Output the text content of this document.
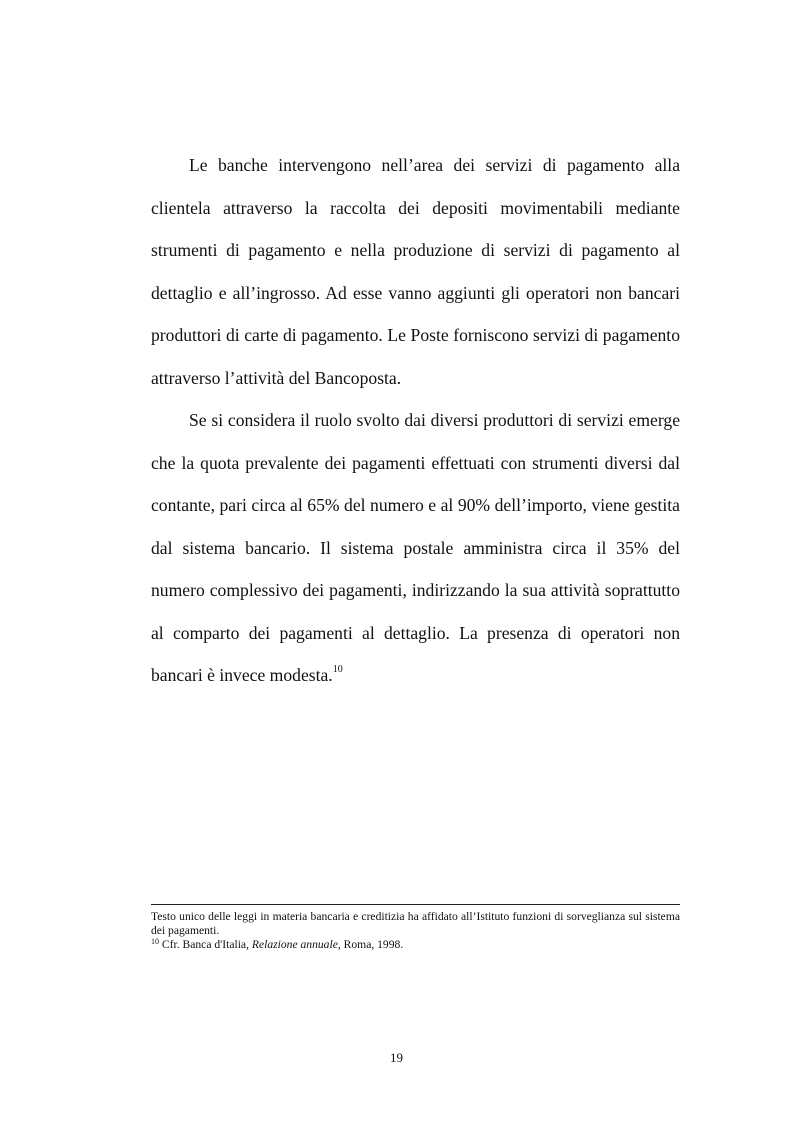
Le banche intervengono nell’area dei servizi di pagamento alla clientela attraverso la raccolta dei depositi movimentabili mediante strumenti di pagamento e nella produzione di servizi di pagamento al dettaglio e all’ingrosso. Ad esse vanno aggiunti gli operatori non bancari produttori di carte di pagamento. Le Poste forniscono servizi di pagamento attraverso l’attività del Bancoposta.

Se si considera il ruolo svolto dai diversi produttori di servizi emerge che la quota prevalente dei pagamenti effettuati con strumenti diversi dal contante, pari circa al 65% del numero e al 90% dell’importo, viene gestita dal sistema bancario. Il sistema postale amministra circa il 35% del numero complessivo dei pagamenti, indirizzando la sua attività soprattutto al comparto dei pagamenti al dettaglio. La presenza di operatori non bancari è invece modesta.$^{10}$

Testo unico delle leggi in materia bancaria e creditizia ha affidato all’Istituto funzioni di sorveglianza sul sistema dei pagamenti.

$^{10}$ Cfr. Banca d'Italia, Relazione annuale, Roma, 1998.

19
